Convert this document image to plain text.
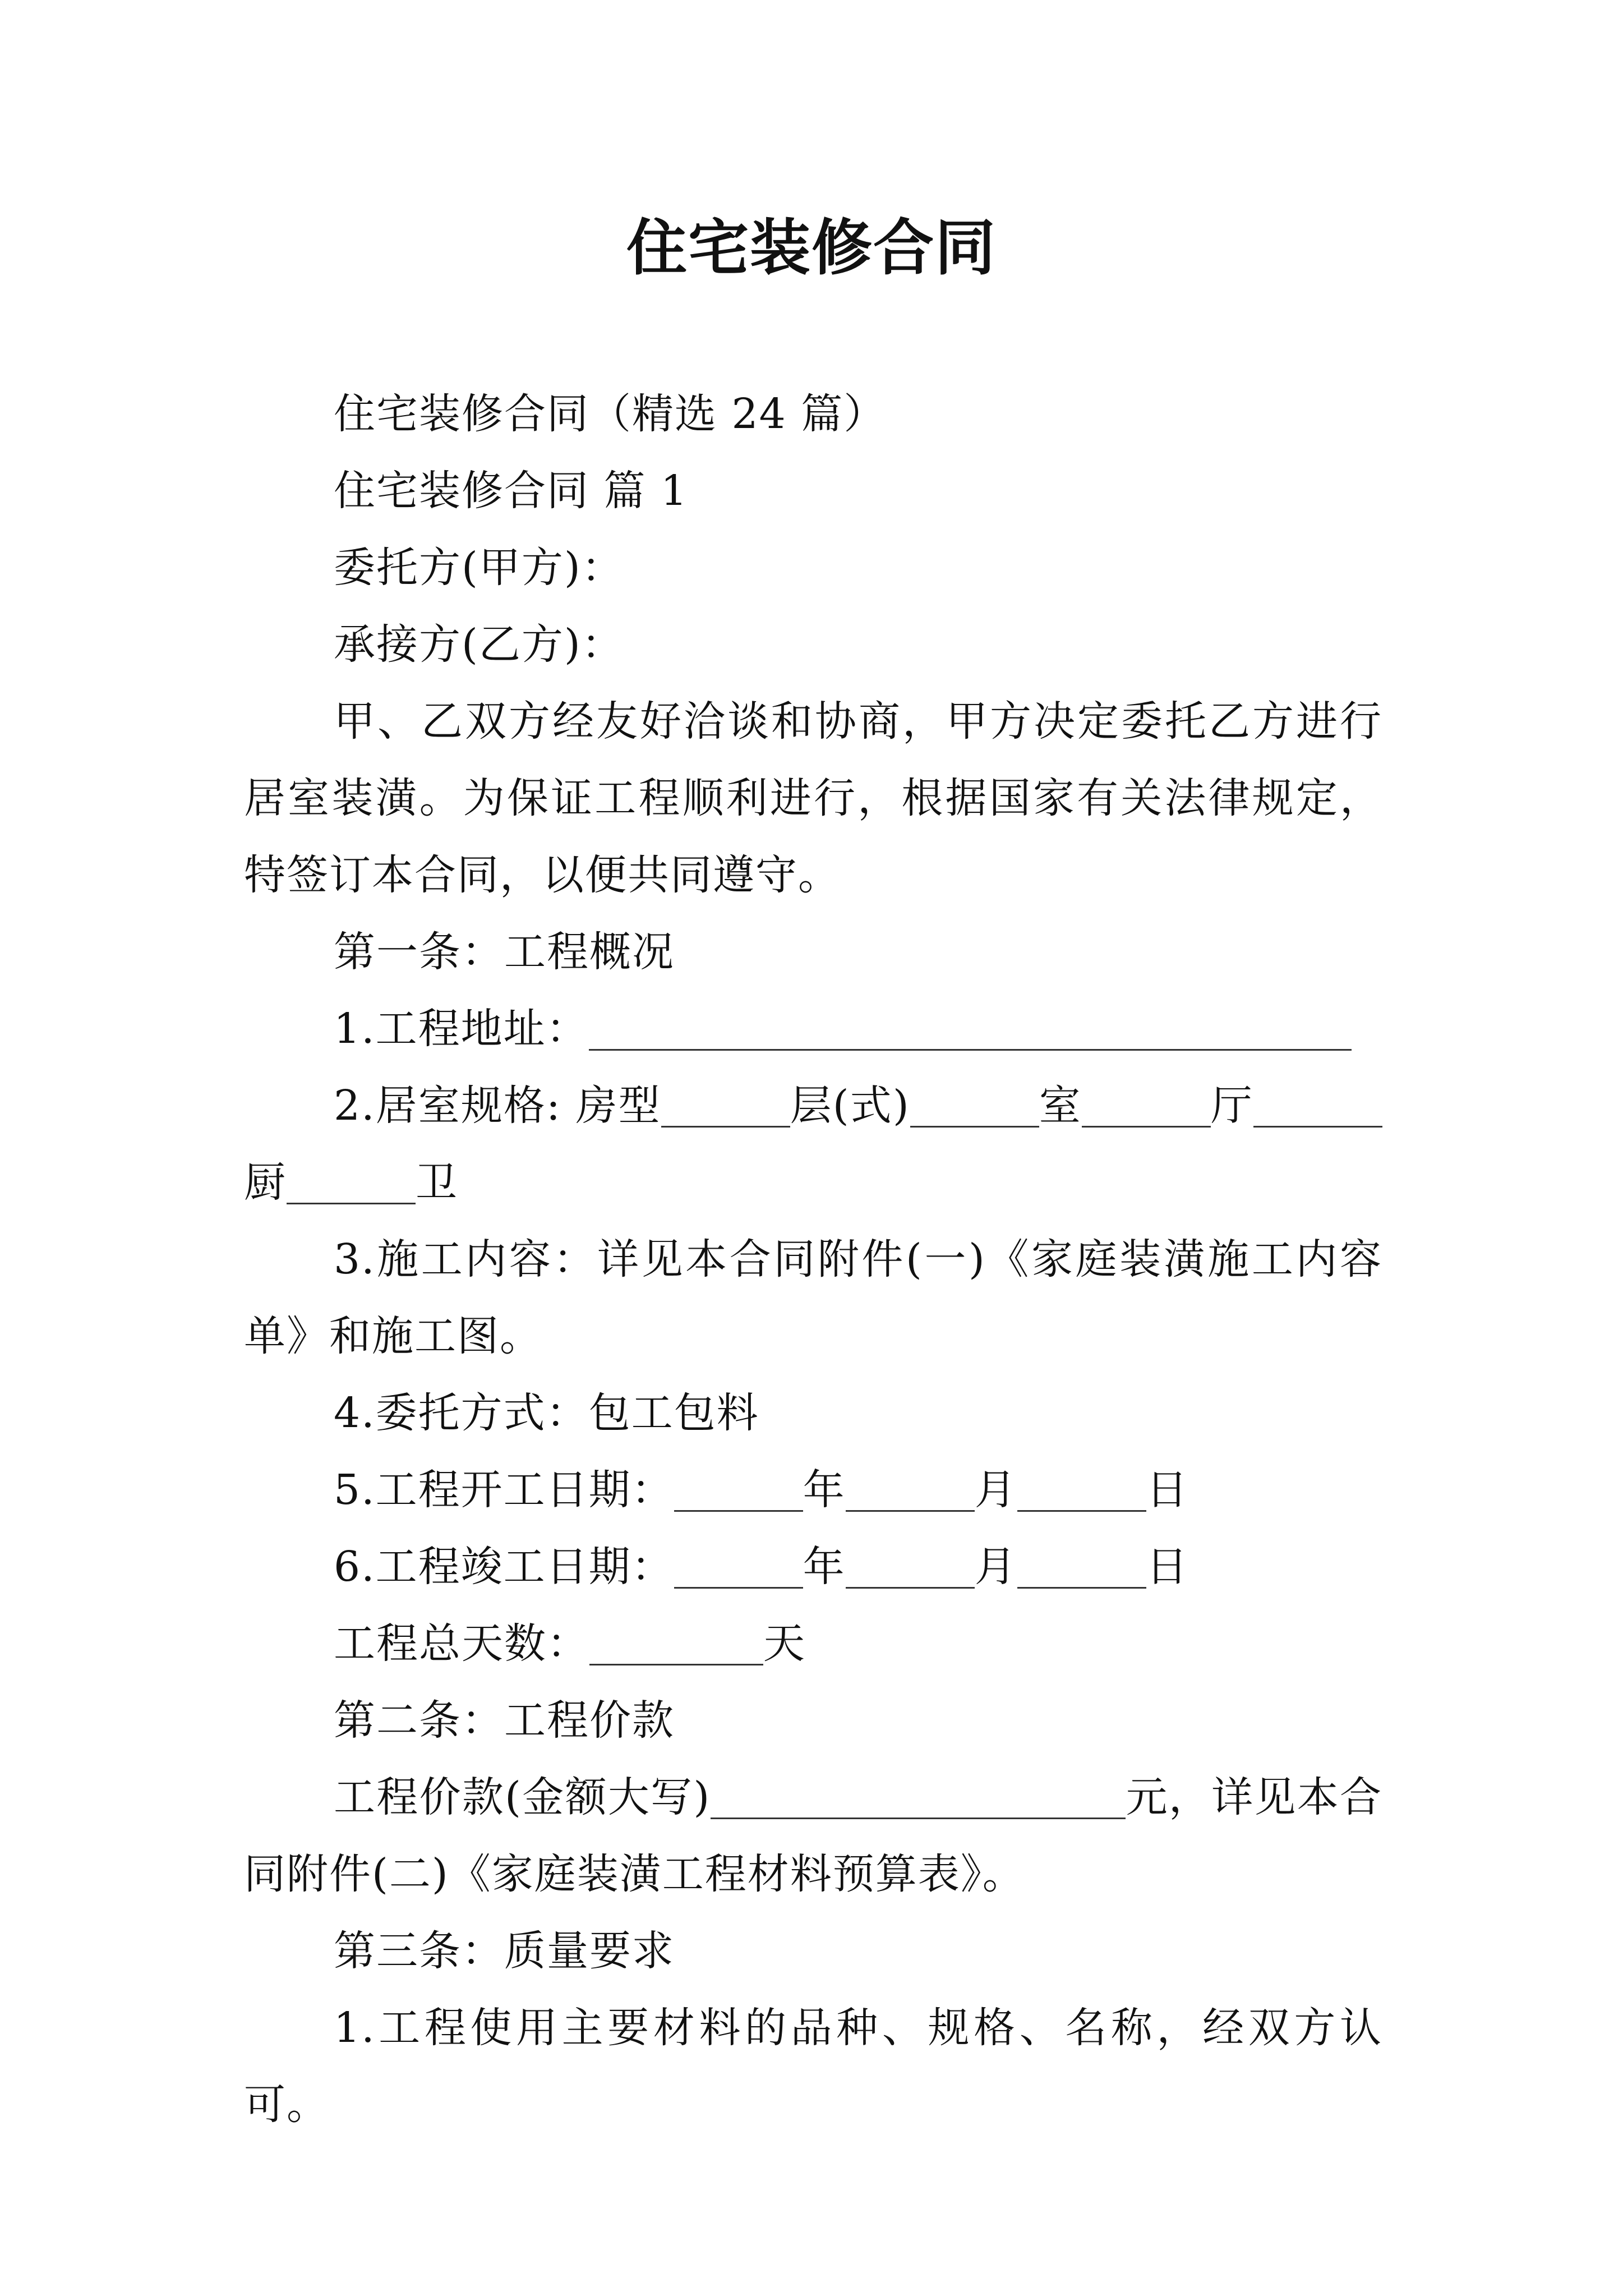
住宅装修合同

住宅装修合同（精选 24 篇）

住宅装修合同 篇 1

委托方(甲方)：

承接方(乙方)：

甲、乙双方经友好洽谈和协商，甲方决定委托乙方进行居室装潢。为保证工程顺利进行，根据国家有关法律规定，特签订本合同，以便共同遵守。

第一条：工程概况

1.工程地址：

2.居室规格: 房型	层(式)	室	厅厨	卫

3.施工内容：详见本合同附件(一)《家庭装潢施工内容单》和施工图。

4.委托方式：包工包料

5.工程开工日期：	年	月	日

6.工程竣工日期：	年	月	日

工程总天数：	天

第二条：工程价款

工程价款(金额大写)	元，详见本合同附件(二)《家庭装潢工程材料预算表》。

第三条：质量要求

1.工程使用主要材料的品种、规格、名称，经双方认可。
